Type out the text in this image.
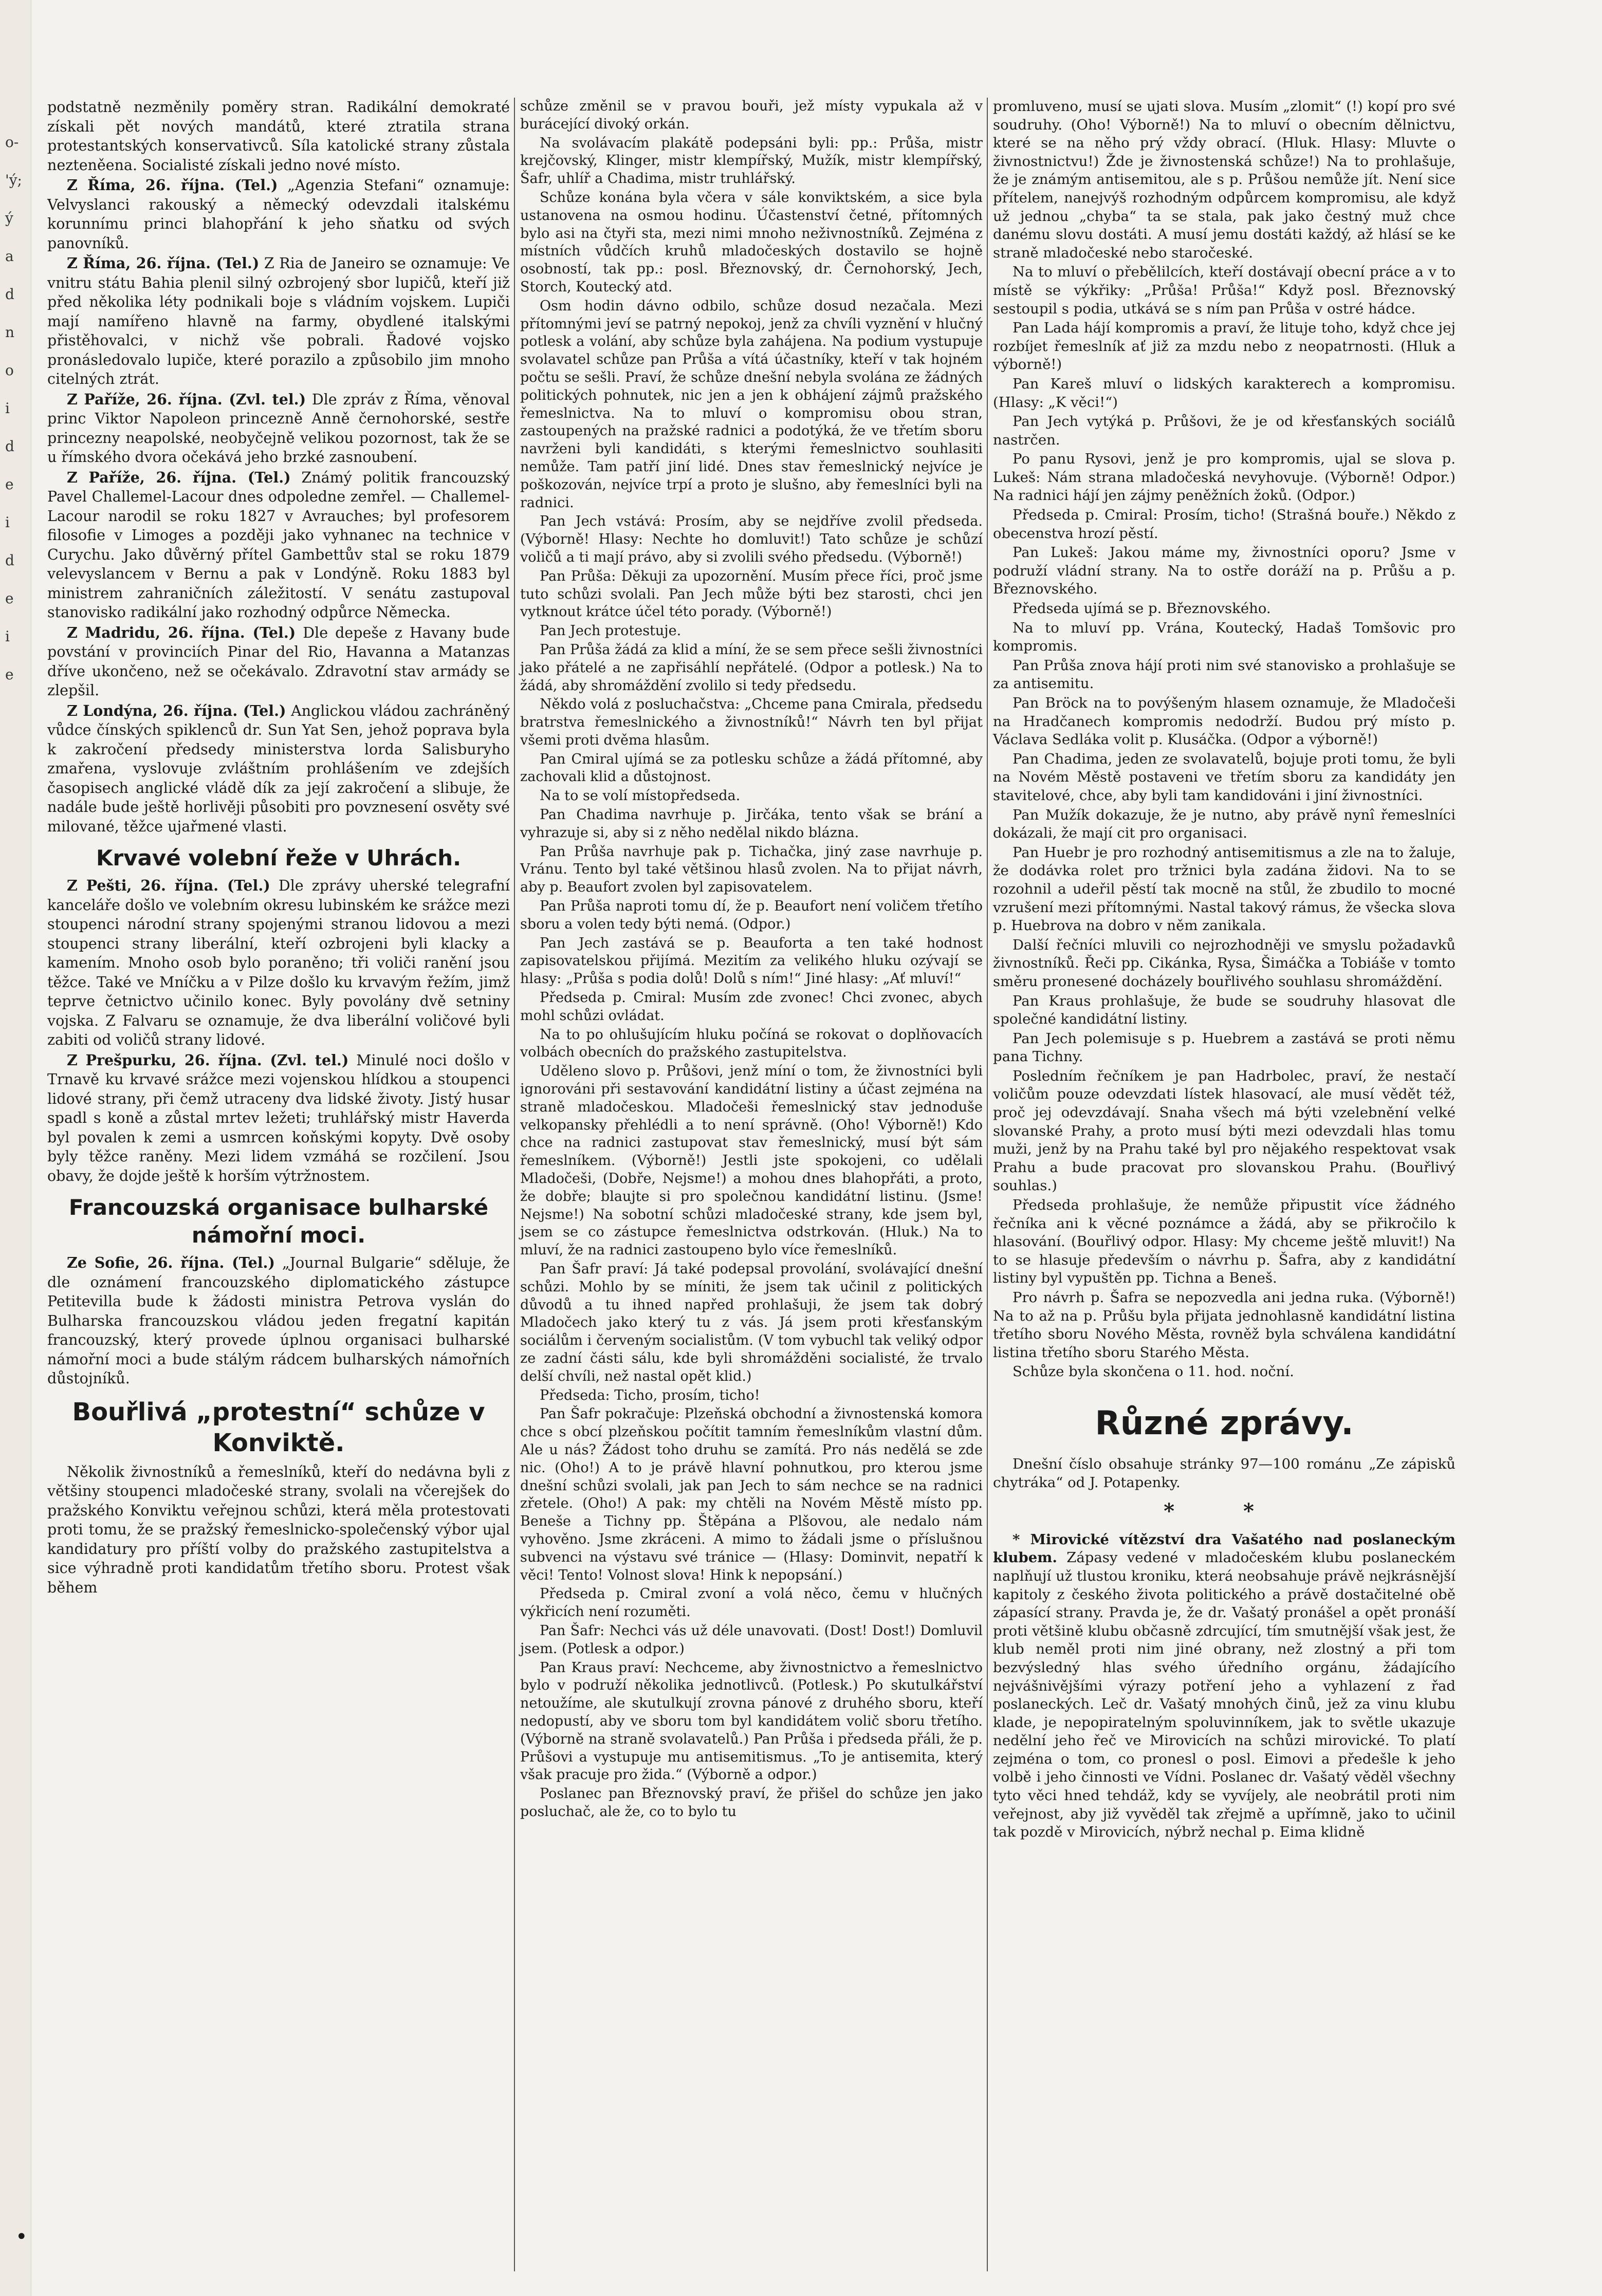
o-
'ý;
ý
a
d
n
o
i
d
e
i
d
e
i
e

podstatně nezměnily poměry stran. Radikální demokraté získali pět nových mandátů, které ztratila strana protestantských konservativců. Síla katolické strany zůstala nezteněena. Socialisté získali jedno nové místo.

Z Říma, 26. října. (Tel.) „Agenzia Stefani“ oznamuje: Velvyslanci rakouský a německý odevzdali italskému korunnímu princi blahopřání k jeho sňatku od svých panovníků.

Z Říma, 26. října. (Tel.) Z Ria de Janeiro se oznamuje: Ve vnitru státu Bahia plenil silný ozbrojený sbor lupičů, kteří již před několika léty podnikali boje s vládním vojskem. Lupiči mají namířeno hlavně na farmy, obydlené italskými přistěhovalci, v nichž vše pobrali. Řadové vojsko pronásledovalo lupiče, které porazilo a způsobilo jim mnoho citelných ztrát.

Z Paříže, 26. října. (Zvl. tel.) Dle zpráv z Říma, věnoval princ Viktor Napoleon princezně Anně černohorské, sestře princezny neapolské, neobyčejně velikou pozornost, tak že se u římského dvora očekává jeho brzké zasnoubení.

Z Paříže, 26. října. (Tel.) Známý politik francouzský Pavel Challemel-Lacour dnes odpoledne zemřel. — Challemel-Lacour narodil se roku 1827 v Avrauches; byl profesorem filosofie v Limoges a později jako vyhnanec na technice v Curychu. Jako důvěrný přítel Gambettův stal se roku 1879 velevyslancem v Bernu a pak v Londýně. Roku 1883 byl ministrem zahraničních záležitostí. V senátu zastupoval stanovisko radikální jako rozhodný odpůrce Německa.

Z Madridu, 26. října. (Tel.) Dle depeše z Havany bude povstání v provinciích Pinar del Rio, Havanna a Matanzas dříve ukončeno, než se očekávalo. Zdravotní stav armády se zlepšil.

Z Londýna, 26. října. (Tel.) Anglickou vládou zachráněný vůdce čínských spiklenců dr. Sun Yat Sen, jehož poprava byla k zakročení předsedy ministerstva lorda Salisburyho zmařena, vyslovuje zvláštním prohlášením ve zdejších časopisech anglické vládě dík za její zakročení a slibuje, že nadále bude ještě horlivěji působiti pro povznesení osvěty své milované, těžce ujařmené vlasti.

Krvavé volební řeže v Uhrách.

Z Pešti, 26. října. (Tel.) Dle zprávy uherské telegrafní kanceláře došlo ve volebním okresu lubinském ke srážce mezi stoupenci národní strany spojenými stranou lidovou a mezi stoupenci strany liberální, kteří ozbrojeni byli klacky a kamením. Mnoho osob bylo poraněno; tři voliči ranění jsou těžce. Také ve Mníčku a v Pilze došlo ku krvavým řežím, jimž teprve četnictvo učinilo konec. Byly povolány dvě setniny vojska. Z Falvaru se oznamuje, že dva liberální voličové byli zabiti od voličů strany lidové.

Z Prešpurku, 26. října. (Zvl. tel.) Minulé noci došlo v Trnavě ku krvavé srážce mezi vojenskou hlídkou a stoupenci lidové strany, při čemž utraceny dva lidské životy. Jistý husar spadl s koně a zůstal mrtev ležeti; truhlářský mistr Haverda byl povalen k zemi a usmrcen koňskými kopyty. Dvě osoby byly těžce raněny. Mezi lidem vzmáhá se rozčilení. Jsou obavy, že dojde ještě k horším výtržnostem.

Francouzská organisace bulharské námořní moci.

Ze Sofie, 26. října. (Tel.) „Journal Bulgarie“ sděluje, že dle oznámení francouzského diplomatického zástupce Petitevilla bude k žádosti ministra Petrova vyslán do Bulharska francouzskou vládou jeden fregatní kapitán francouzský, který provede úplnou organisaci bulharské námořní moci a bude stálým rádcem bulharských námořních důstojníků.

Bouřlivá „protestní“ schůze v Konviktě.

Několik živnostníků a řemeslníků, kteří do nedávna byli z většiny stoupenci mladočeské strany, svolali na včerejšek do pražského Konviktu veřejnou schůzi, která měla protestovati proti tomu, že se pražský řemeslnicko-společenský výbor ujal kandidatury pro příští volby do pražského zastupitelstva a sice výhradně proti kandidatům třetího sboru. Protest však během

schůze změnil se v pravou bouři, jež místy vypukala až v burácející divoký orkán.

Na svolávacím plakátě podepsáni byli: pp.: Průša, mistr krejčovský, Klinger, mistr klempířský, Mužík, mistr klempířský, Šafr, uhlíř a Chadima, mistr truhlářský.

Schůze konána byla včera v sále konviktském, a sice byla ustanovena na osmou hodinu. Účastenství četné, přítomných bylo asi na čtyři sta, mezi nimi mnoho neživnostníků. Zejména z místních vůdčích kruhů mladočeských dostavilo se hojně osobností, tak pp.: posl. Březnovský, dr. Černohorský, Jech, Storch, Koutecký atd.

Osm hodin dávno odbilo, schůze dosud nezačala. Mezi přítomnými jeví se patrný nepokoj, jenž za chvíli vyznění v hlučný potlesk a volání, aby schůze byla zahájena. Na podium vystupuje svolavatel schůze pan Průša a vítá účastníky, kteří v tak hojném počtu se sešli. Praví, že schůze dnešní nebyla svolána ze žádných politických pohnutek, nic jen a jen k obhájení zájmů pražského řemeslnictva. Na to mluví o kompromisu obou stran, zastoupených na pražské radnici a podotýká, že ve třetím sboru navrženi byli kandidáti, s kterými řemeslnictvo souhlasiti nemůže. Tam patří jiní lidé. Dnes stav řemeslnický nejvíce je poškozován, nejvíce trpí a proto je slušno, aby řemeslníci byli na radnici.

Pan Jech vstává: Prosím, aby se nejdříve zvolil předseda. (Výborně! Hlasy: Nechte ho domluvit!) Tato schůze je schůzí voličů a ti mají právo, aby si zvolili svého předsedu. (Výborně!)

Pan Průša: Děkuji za upozornění. Musím přece říci, proč jsme tuto schůzi svolali. Pan Jech může býti bez starosti, chci jen vytknout krátce účel této porady. (Výborně!)

Pan Jech protestuje.

Pan Průša žádá za klid a míní, že se sem přece sešli živnostníci jako přátelé a ne zapřisáhlí nepřátelé. (Odpor a potlesk.) Na to žádá, aby shromáždění zvolilo si tedy předsedu.

Někdo volá z posluchačstva: „Chceme pana Cmirala, předsedu bratrstva řemeslnického a živnostníků!“ Návrh ten byl přijat všemi proti dvěma hlasům.

Pan Cmiral ujímá se za potlesku schůze a žádá přítomné, aby zachovali klid a důstojnost.

Na to se volí místopředseda.

Pan Chadima navrhuje p. Jirčáka, tento však se brání a vyhrazuje si, aby si z něho nedělal nikdo blázna.

Pan Průša navrhuje pak p. Tichačka, jiný zase navrhuje p. Vránu. Tento byl také většinou hlasů zvolen. Na to přijat návrh, aby p. Beaufort zvolen byl zapisovatelem.

Pan Průša naproti tomu dí, že p. Beaufort není voličem třetího sboru a volen tedy býti nemá. (Odpor.)

Pan Jech zastává se p. Beauforta a ten také hodnost zapisovatelskou přijímá. Mezitím za velikého hluku ozývají se hlasy: „Průša s podia dolů! Dolů s ním!“ Jiné hlasy: „Ať mluví!“

Předseda p. Cmiral: Musím zde zvonec! Chci zvonec, abych mohl schůzi ovládat.

Na to po ohlušujícím hluku počíná se rokovat o doplňovacích volbách obecních do pražského zastupitelstva.

Uděleno slovo p. Průšovi, jenž míní o tom, že živnostníci byli ignorováni při sestavování kandidátní listiny a účast zejména na straně mladočeskou. Mladočeši řemeslnický stav jednoduše velkopansky přehlédli a to není správně. (Oho! Výborně!) Kdo chce na radnici zastupovat stav řemeslnický, musí být sám řemeslníkem. (Výborně!) Jestli jste spokojeni, co udělali Mladočeši, (Dobře, Nejsme!) a mohou dnes blahopřáti, a proto, že dobře; blaujte si pro společnou kandidátní listinu. (Jsme! Nejsme!) Na sobotní schůzi mladočeské strany, kde jsem byl, jsem se co zástupce řemeslnictva odstrkován. (Hluk.) Na to mluví, že na radnici zastoupeno bylo více řemeslníků.

Pan Šafr praví: Já také podepsal provolání, svolávající dnešní schůzi. Mohlo by se míniti, že jsem tak učinil z politických důvodů a tu ihned napřed prohlašuji, že jsem tak dobrý Mladočech jako který tu z vás. Já jsem proti křesťanským sociálům i červeným socialistům. (V tom vybuchl tak veliký odpor ze zadní části sálu, kde byli shromážděni socialisté, že trvalo delší chvíli, než nastal opět klid.)

Předseda: Ticho, prosím, ticho!

Pan Šafr pokračuje: Plzeňská obchodní a živnostenská komora chce s obcí plzeňskou počítit tamním řemeslníkům vlastní dům. Ale u nás? Žádost toho druhu se zamítá. Pro nás nedělá se zde nic. (Oho!) A to je právě hlavní pohnutkou, pro kterou jsme dnešní schůzi svolali, jak pan Jech to sám nechce se na radnici zřetele. (Oho!) A pak: my chtěli na Novém Městě místo pp. Beneše a Tichny pp. Štěpána a Plšovou, ale nedalo nám vyhověno. Jsme zkráceni. A mimo to žádali jsme o příslušnou subvenci na výstavu své tránice — (Hlasy: Dominvit, nepatří k věci! Tento! Volnost slova! Hink k nepopsání.)

Předseda p. Cmiral zvoní a volá něco, čemu v hlučných výkřicích není rozuměti.

Pan Šafr: Nechci vás už déle unavovati. (Dost! Dost!) Domluvil jsem. (Potlesk a odpor.)

Pan Kraus praví: Nechceme, aby živnostnictvo a řemeslnictvo bylo v podruží několika jednotlivců. (Potlesk.) Po skutulkářství netoužíme, ale skutulkují zrovna pánové z druhého sboru, kteří nedopustí, aby ve sboru tom byl kandidátem volič sboru třetího. (Výborně na straně svolavatelů.) Pan Průša i předseda přáli, že p. Průšovi a vystupuje mu antisemitismus. „To je antisemita, který však pracuje pro žida.“ (Výborně a odpor.)

Poslanec pan Březnovský praví, že přišel do schůze jen jako posluchač, ale že, co to bylo tu

promluveno, musí se ujati slova. Musím „zlomit“ (!) kopí pro své soudruhy. (Oho! Výborně!) Na to mluví o obecním dělnictvu, které se na něho prý vždy obrací. (Hluk. Hlasy: Mluvte o živnostnictvu!) Žde je živnostenská schůze!) Na to prohlašuje, že je známým antisemitou, ale s p. Průšou nemůže jít. Není sice přítelem, nanejvýš rozhodným odpůrcem kompromisu, ale když už jednou „chyba“ ta se stala, pak jako čestný muž chce danému slovu dostáti. A musí jemu dostáti každý, až hlásí se ke straně mladočeské nebo staročeské.

Na to mluví o přebělilcích, kteří dostávají obecní práce a v to místě se výkřiky: „Průša! Průša!“ Když posl. Březnovský sestoupil s podia, utkává se s ním pan Průša v ostré hádce.

Pan Lada hájí kompromis a praví, že lituje toho, když chce jej rozbíjet řemeslník ať již za mzdu nebo z neopatrnosti. (Hluk a výborně!)

Pan Kareš mluví o lidských karakterech a kompromisu. (Hlasy: „K věci!“)

Pan Jech vytýká p. Průšovi, že je od křesťanských sociálů nastrčen.

Po panu Rysovi, jenž je pro kompromis, ujal se slova p. Lukeš: Nám strana mladočeská nevyhovuje. (Výborně! Odpor.) Na radnici hájí jen zájmy peněžních žoků. (Odpor.)

Předseda p. Cmiral: Prosím, ticho! (Strašná bouře.) Někdo z obecenstva hrozí pěstí.

Pan Lukeš: Jakou máme my, živnostníci oporu? Jsme v podruží vládní strany. Na to ostře doráží na p. Průšu a p. Březnovského.

Předseda ujímá se p. Březnovského.

Na to mluví pp. Vrána, Koutecký, Hadaš Tomšovic pro kompromis.

Pan Průša znova hájí proti nim své stanovisko a prohlašuje se za antisemitu.

Pan Bröck na to povýšeným hlasem oznamuje, že Mladočeši na Hradčanech kompromis nedodrží. Budou prý místo p. Václava Sedláka volit p. Klusáčka. (Odpor a výborně!)

Pan Chadima, jeden ze svolavatelů, bojuje proti tomu, že byli na Novém Městě postaveni ve třetím sboru za kandidáty jen stavitelové, chce, aby byli tam kandidováni i jiní živnostníci.

Pan Mužík dokazuje, že je nutno, aby právě nynî řemeslníci dokázali, že mají cit pro organisaci.

Pan Huebr je pro rozhodný antisemitismus a zle na to žaluje, že dodávka rolet pro tržnici byla zadána židovi. Na to se rozohnil a udeřil pěstí tak mocně na stůl, že zbudilo to mocné vzrušení mezi přítomnými. Nastal takový rámus, že všecka slova p. Huebrova na dobro v něm zanikala.

Další řečníci mluvili co nejrozhodněji ve smyslu požadavků živnostníků. Řeči pp. Cikánka, Rysa, Šimáčka a Tobiáše v tomto směru pronesené docházely bouřlivého souhlasu shromáždění.

Pan Kraus prohlašuje, že bude se soudruhy hlasovat dle společné kandidátní listiny.

Pan Jech polemisuje s p. Huebrem a zastává se proti němu pana Tichny.

Posledním řečníkem je pan Hadrbolec, praví, že nestačí voličům pouze odevzdati lístek hlasovací, ale musí vědět též, proč jej odevzdávají. Snaha všech má býti vzelebnění velké slovanské Prahy, a proto musí býti mezi odevzdali hlas tomu muži, jenž by na Prahu také byl pro nějakého respektovat vsak Prahu a bude pracovat pro slovanskou Prahu. (Bouřlivý souhlas.)

Předseda prohlašuje, že nemůže připustit více žádného řečníka ani k věcné poznámce a žádá, aby se přikročilo k hlasování. (Bouřlivý odpor. Hlasy: My chceme ještě mluvit!) Na to se hlasuje především o návrhu p. Šafra, aby z kandidátní listiny byl vypuštěn pp. Tichna a Beneš.

Pro návrh p. Šafra se nepozvedla ani jedna ruka. (Výborně!) Na to až na p. Průšu byla přijata jednohlasně kandidátní listina třetího sboru Nového Města, rovněž byla schválena kandidátní listina třetího sboru Starého Města.

Schůze byla skončena o 11. hod. noční.

Různé zprávy.

Dnešní číslo obsahuje stránky 97—100 románu „Ze zápisků chytráka“ od J. Potapenky.

* *

* Mirovické vítězství dra Vašatého nad poslaneckým klubem. Zápasy vedené v mladočeském klubu poslaneckém naplňují už tlustou kroniku, která neobsahuje právě nejkrásnější kapitoly z českého života politického a právě dostačitelné obě zápasící strany. Pravda je, že dr. Vašatý pronášel a opět pronáší proti většině klubu občasně zdrcující, tím smutnější však jest, že klub neměl proti nim jiné obrany, než zlostný a při tom bezvýsledný hlas svého úředního orgánu, žádajícího nejvášnivějšími výrazy potření jeho a vyhlazení z řad poslaneckých. Leč dr. Vašatý mnohých činů, jež za vinu klubu klade, je nepopiratelným spoluvinníkem, jak to světle ukazuje nedělní jeho řeč ve Mirovicích na schůzi mirovické. To platí zejména o tom, co pronesl o posl. Eimovi a předešle k jeho volbě i jeho činnosti ve Vídni. Poslanec dr. Vašatý věděl všechny tyto věci hned tehdáž, kdy se vyvíjely, ale neobrátil proti nim veřejnost, aby již vyvěděl tak zřejmě a upřímně, jako to učinil tak pozdě v Mirovicích, nýbrž nechal p. Eima klidně

•
